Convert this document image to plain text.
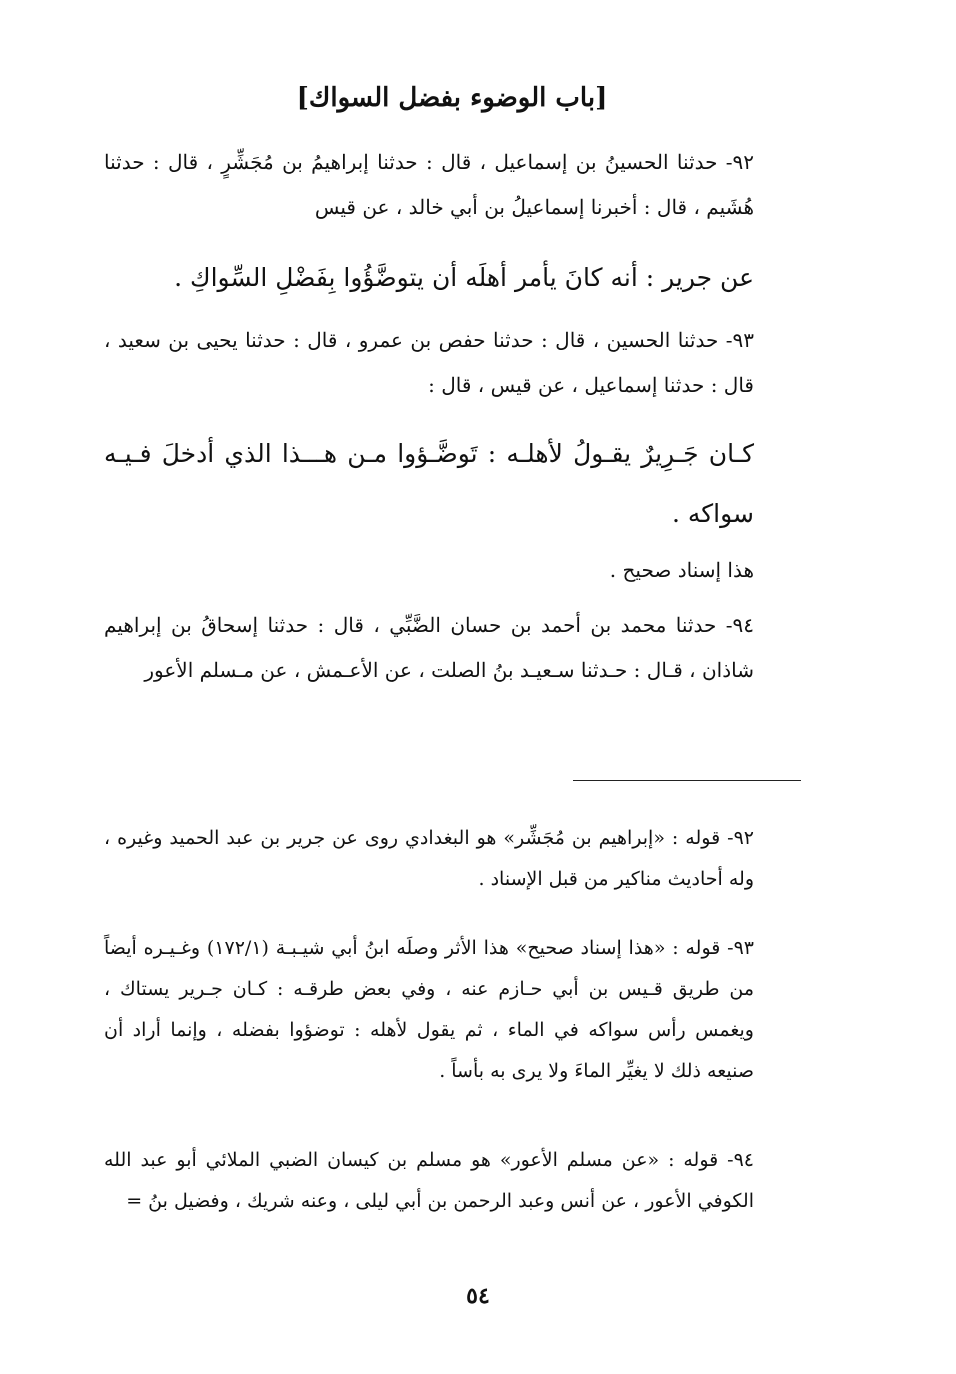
[باب الوضوء بفضل السواك]
٩٢- حدثنا الحسينُ بن إسماعيل ، قال : حدثنا إبراهيمُ بن مُجَشِّرٍ ، قال : حدثنا هُشَيم ، قال : أخبرنا إسماعيلُ بن أبي خالد ، عن قيس
عن جرير : أنه كانَ يأمر أهلَه أن يتوضَّؤُوا بِفَضْلِ السِّواكِ .
٩٣- حدثنا الحسين ، قال : حدثنا حفص بن عمرو ، قال : حدثنا يحيى بن سعيد ، قال : حدثنا إسماعيل ، عن قيس ، قال :
كـان جَـرِيرٌ يقـولُ لأهلـه : تَوضَّـؤوا مـن هـــذا الذي أدخلَ فـيـه سواكه .
هذا إسناد صحيح .
٩٤- حدثنا محمد بن أحمد بن حسان الضَّبِّي ، قال : حدثنا إسحاقُ بن إبراهيم شاذان ، قـال : حـدثنا سـعيـد بنُ الصلت ، عن الأعـمش ، عن مـسلم الأعور
٩٢- قوله : «إبراهيم بن مُجَشِّر» هو البغدادي روى عن جرير بن عبد الحميد وغيره ، وله أحاديث مناكير من قبل الإسناد .
٩٣- قوله : «هذا إسناد صحيح» هذا الأثر وصلَه ابنُ أبي شيـبـة (١٧٢/١) وغـيـره أيضاً من طريق قـيس بن أبي حـازم عنه ، وفي بعض طرقـه : كـان جـرير يستاك ، ويغمس رأس سواكه في الماء ، ثم يقول لأهله : توضؤوا بفضله ، وإنما أراد أن صنيعه ذلك لا يغيِّر الماءَ ولا يرى به بأساً .
٩٤- قوله : «عن مسلم الأعور» هو مسلم بن كيسان الضبي الملائي أبو عبد الله الكوفي الأعور ، عن أنس وعبد الرحمن بن أبي ليلى ، وعنه شريك ، وفضيل بنُ =
٥٤
